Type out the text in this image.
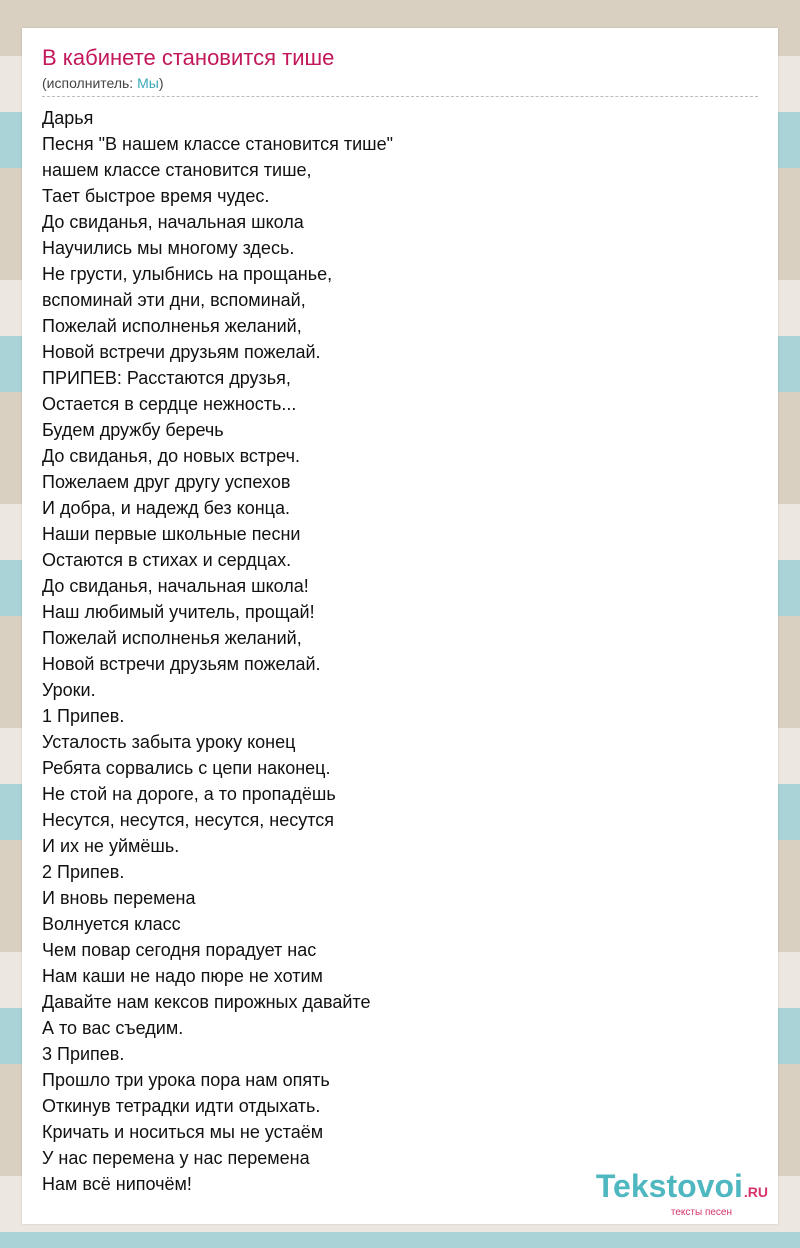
В кабинете становится тише
(исполнитель: Мы)
Дарья
Песня "В нашем классе становится тише"
нашем классе становится тише,
Тает быстрое время чудес.
До свиданья, начальная школа
Научились мы многому здесь.
Не грусти, улыбнись на прощанье,
вспоминай эти дни, вспоминай,
Пожелай исполненья желаний,
Новой встречи друзьям пожелай.
ПРИПЕВ: Расстаются друзья,
Остается в сердце нежность...
Будем дружбу беречь
До свиданья, до новых встреч.
Пожелаем друг другу успехов
И добра, и надежд без конца.
Наши первые школьные песни
Остаются в стихах и сердцах.
До свиданья, начальная школа!
Наш любимый учитель, прощай!
Пожелай исполненья желаний,
Новой встречи друзьям пожелай.
Уроки.
1 Припев.
Усталость забыта уроку конец
Ребята сорвались с цепи наконец.
Не стой на дороге, а то пропадёшь
Несутся, несутся, несутся, несутся
И их не уймёшь.
2 Припев.
И вновь перемена
Волнуется класс
Чем повар сегодня порадует нас
Нам каши не надо пюре не хотим
Давайте нам кексов пирожных давайте
А то вас съедим.
3 Припев.
Прошло три урока пора нам опять
Откинув тетрадки идти отдыхать.
Кричать и носиться мы не устаём
У нас перемена у нас перемена
Нам всё нипочём!	Tekstovoi.RU
тексты песен
